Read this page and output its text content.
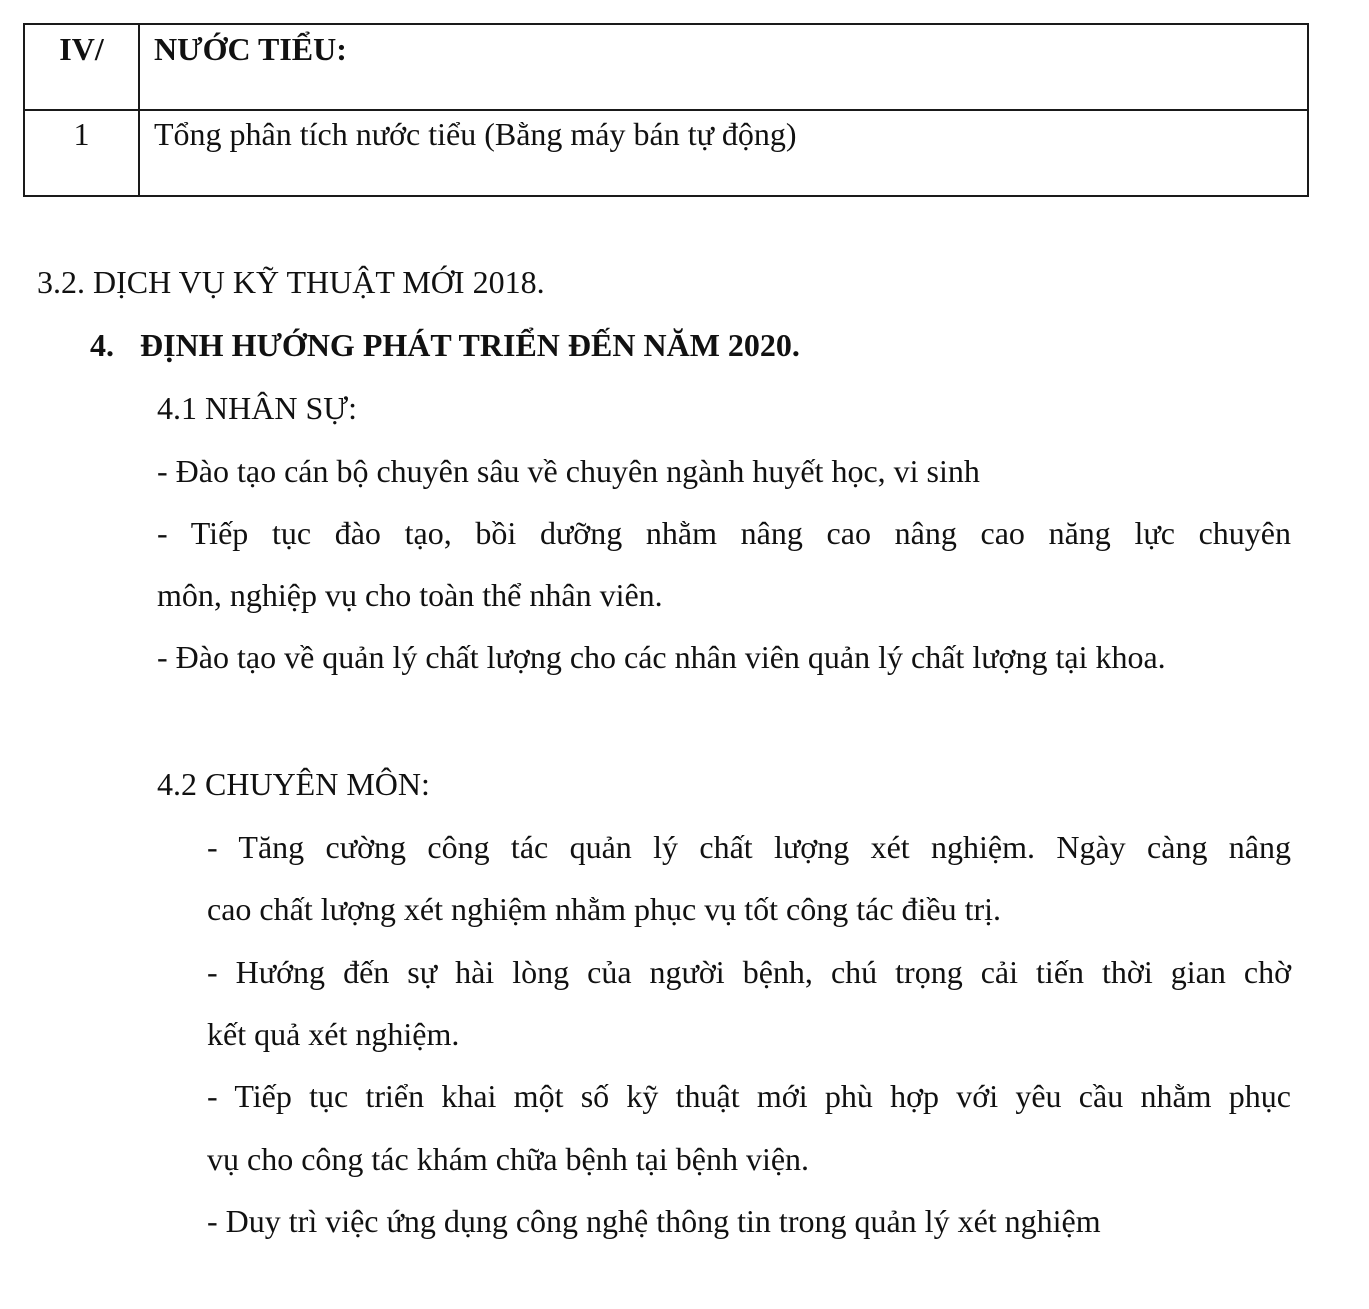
IV/	NƯỚC TIỂU:
1	Tổng phân tích nước tiểu (Bằng máy bán tự động)
3.2. DỊCH VỤ KỸ THUẬT MỚI 2018.
4. ĐỊNH HƯỚNG PHÁT TRIỂN ĐẾN NĂM 2020.
4.1 NHÂN SỰ:
- Đào tạo cán bộ chuyên sâu về chuyên ngành huyết học, vi sinh
- Tiếp tục đào tạo, bồi dưỡng nhằm nâng cao nâng cao năng lực chuyên
môn, nghiệp vụ cho toàn thể nhân viên.
- Đào tạo về quản lý chất lượng cho các nhân viên quản lý chất lượng tại khoa.
4.2 CHUYÊN MÔN:
- Tăng cường công tác quản lý chất lượng xét nghiệm. Ngày càng nâng
cao chất lượng xét nghiệm nhằm phục vụ tốt công tác điều trị.
- Hướng đến sự hài lòng của người bệnh, chú trọng cải tiến thời gian chờ
kết quả xét nghiệm.
- Tiếp tục triển khai một số kỹ thuật mới phù hợp với yêu cầu nhằm phục
vụ cho công tác khám chữa bệnh tại bệnh viện.
- Duy trì việc ứng dụng công nghệ thông tin trong quản lý xét nghiệm
